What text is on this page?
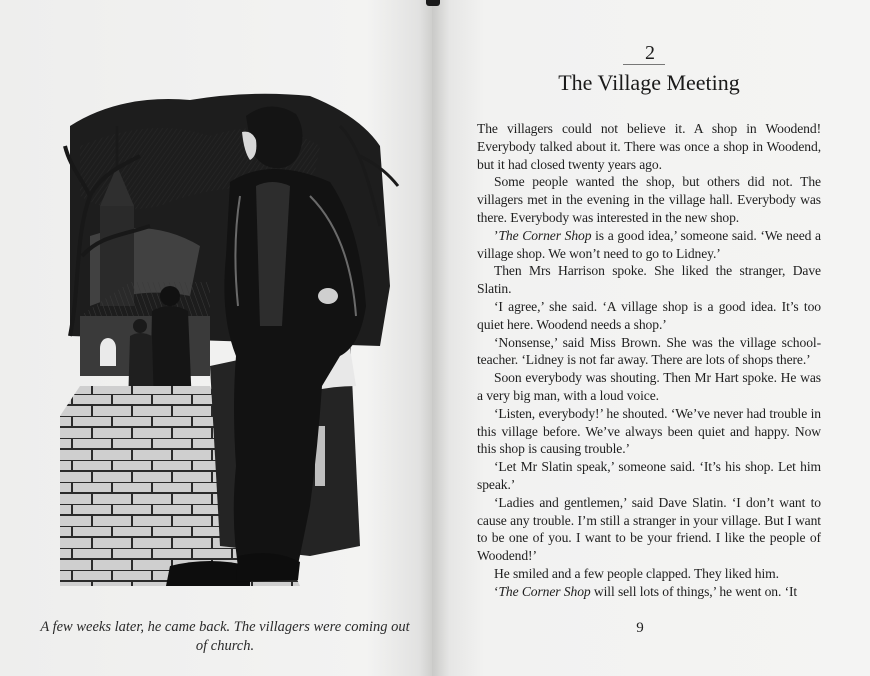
A few weeks later, he came back. The villagers were coming out of church.
2
The Village Meeting

The villagers could not believe it. A shop in Woodend! Everybody talked about it. There was once a shop in Woodend, but it had closed twenty years ago.

Some people wanted the shop, but others did not. The villagers met in the evening in the village hall. Everybody was there. Everybody was interested in the new shop.

’The Corner Shop is a good idea,’ someone said. ‘We need a village shop. We won’t need to go to Lidney.’

Then Mrs Harrison spoke. She liked the stranger, Dave Slatin.

‘I agree,’ she said. ‘A village shop is a good idea. It’s too quiet here. Woodend needs a shop.’

‘Nonsense,’ said Miss Brown. She was the village school-teacher. ‘Lidney is not far away. There are lots of shops there.’

Soon everybody was shouting. Then Mr Hart spoke. He was a very big man, with a loud voice.

‘Listen, everybody!’ he shouted. ‘We’ve never had trouble in this village before. We’ve always been quiet and happy. Now this shop is causing trouble.’

‘Let Mr Slatin speak,’ someone said. ‘It’s his shop. Let him speak.’

‘Ladies and gentlemen,’ said Dave Slatin. ‘I don’t want to cause any trouble. I’m still a stranger in your village. But I want to be one of you. I want to be your friend. I like the people of Woodend!’

He smiled and a few people clapped. They liked him.

‘The Corner Shop will sell lots of things,’ he went on. ‘It

9
